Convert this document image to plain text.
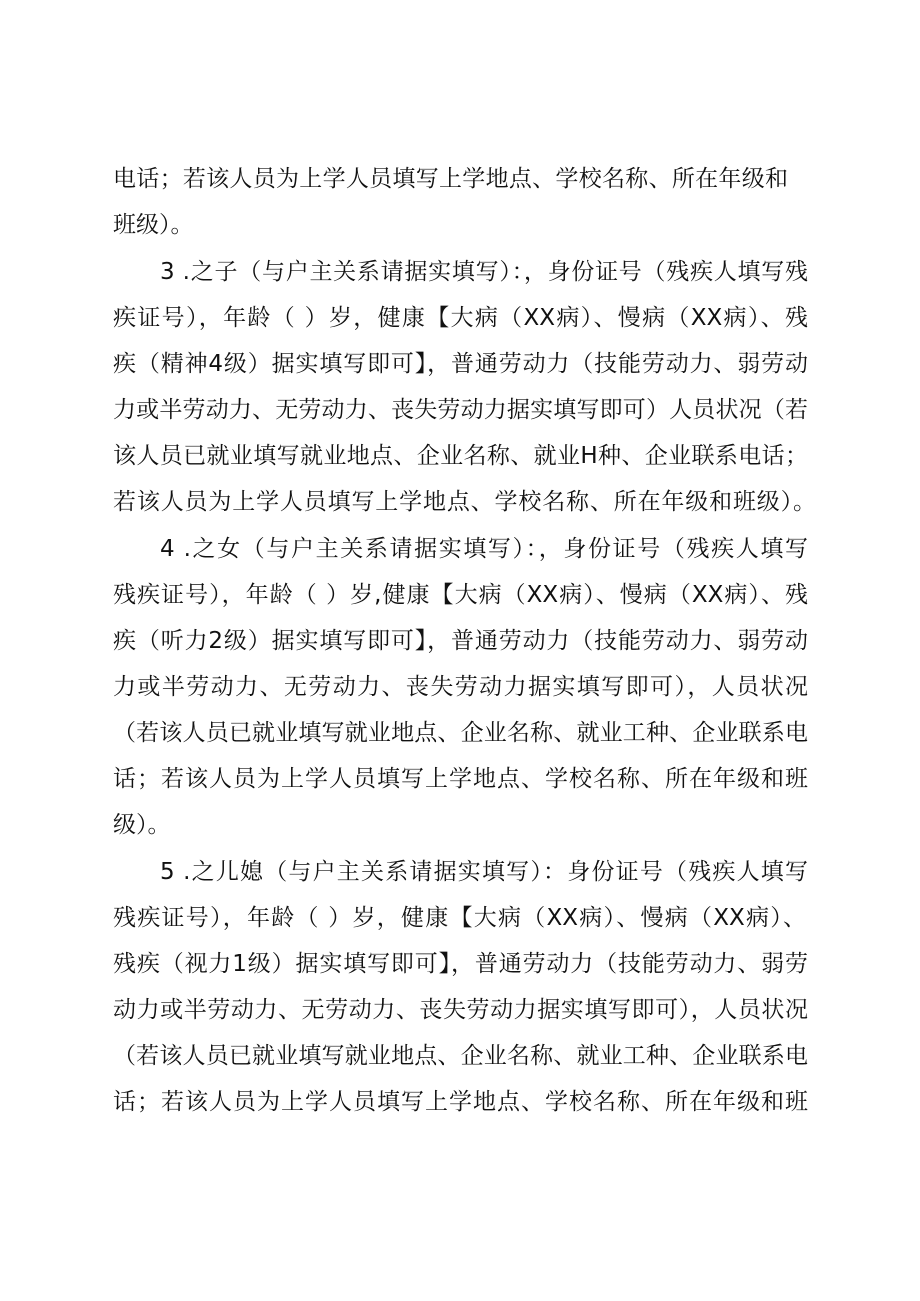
电话；若该人员为上学人员填写上学地点、学校名称、所在年级和
班级）。
3 .之子（与户主关系请据实填写）：，身份证号（残疾人填写残
疾证号），年龄（ ）岁，健康【大病（XX病）、慢病（XX病）、残
疾（精神4级）据实填写即可】，普通劳动力（技能劳动力、弱劳动
力或半劳动力、无劳动力、丧失劳动力据实填写即可）人员状况（若
该人员已就业填写就业地点、企业名称、就业H种、企业联系电话；
若该人员为上学人员填写上学地点、学校名称、所在年级和班级）。
4 .之女（与户主关系请据实填写）：，身份证号（残疾人填写
残疾证号），年龄（ ）岁,健康【大病（XX病）、慢病（XX病）、残
疾（听力2级）据实填写即可】，普通劳动力（技能劳动力、弱劳动
力或半劳动力、无劳动力、丧失劳动力据实填写即可），人员状况
（若该人员已就业填写就业地点、企业名称、就业工种、企业联系电
话；若该人员为上学人员填写上学地点、学校名称、所在年级和班
级）。
5 .之儿媳（与户主关系请据实填写）：身份证号（残疾人填写
残疾证号），年龄（ ）岁，健康【大病（XX病）、慢病（XX病）、
残疾（视力1级）据实填写即可】，普通劳动力（技能劳动力、弱劳
动力或半劳动力、无劳动力、丧失劳动力据实填写即可），人员状况
（若该人员已就业填写就业地点、企业名称、就业工种、企业联系电
话；若该人员为上学人员填写上学地点、学校名称、所在年级和班
